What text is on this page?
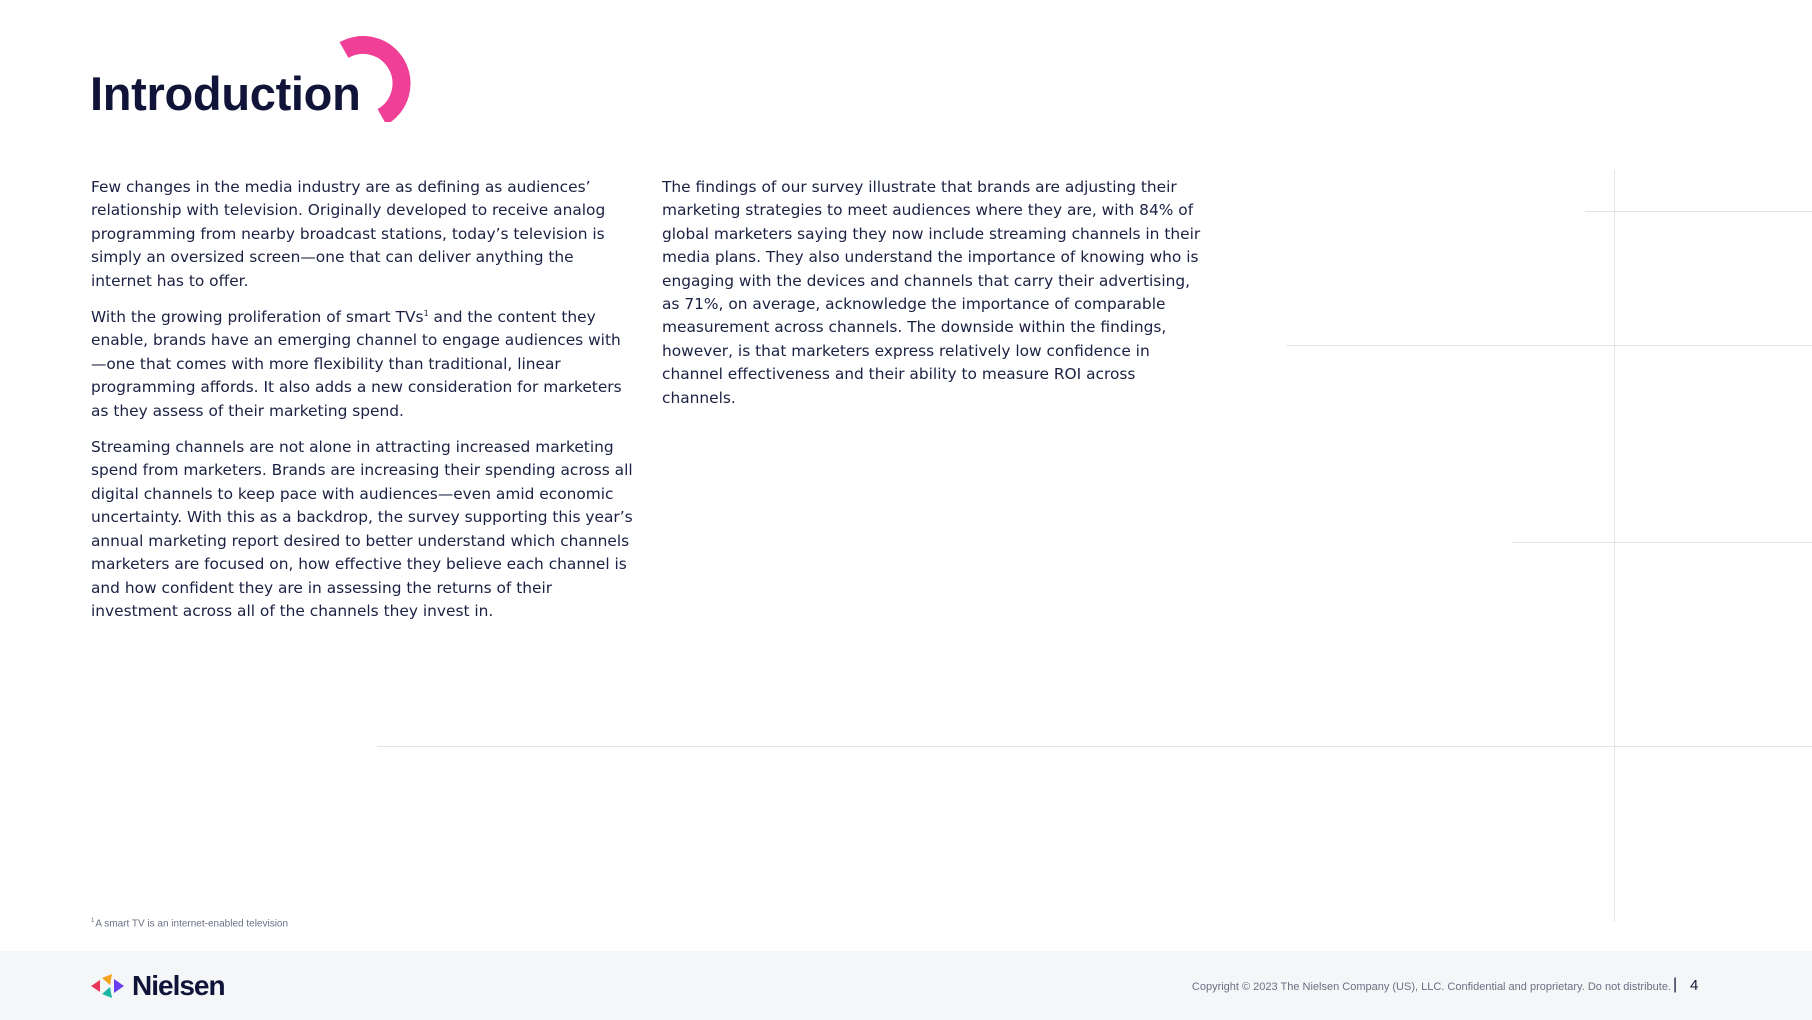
Introduction

Few changes in the media industry are as defining as audiences’ relationship with television. Originally developed to receive analog programming from nearby broadcast stations, today’s television is simply an oversized screen—one that can deliver anything the internet has to offer.

With the growing proliferation of smart TVs$^1$ and the content they enable, brands have an emerging channel to engage audiences with—one that comes with more flexibility than traditional, linear programming affords. It also adds a new consideration for marketers as they assess of their marketing spend.

Streaming channels are not alone in attracting increased marketing spend from marketers. Brands are increasing their spending across all digital channels to keep pace with audiences—even amid economic uncertainty. With this as a backdrop, the survey supporting this year’s annual marketing report desired to better understand which channels marketers are focused on, how effective they believe each channel is and how confident they are in assessing the returns of their investment across all of the channels they invest in.

The findings of our survey illustrate that brands are adjusting their marketing strategies to meet audiences where they are, with 84% of global marketers saying they now include streaming channels in their media plans. They also understand the importance of knowing who is engaging with the devices and channels that carry their advertising, as 71%, on average, acknowledge the importance of comparable measurement across channels. The downside within the findings, however, is that marketers express relatively low confidence in channel effectiveness and their ability to measure ROI across channels.

$^1$A smart TV is an internet-enabled television
Nielsen	Copyright © 2023 The Nielsen Company (US), LLC. Confidential and proprietary. Do not distribute. | 4
